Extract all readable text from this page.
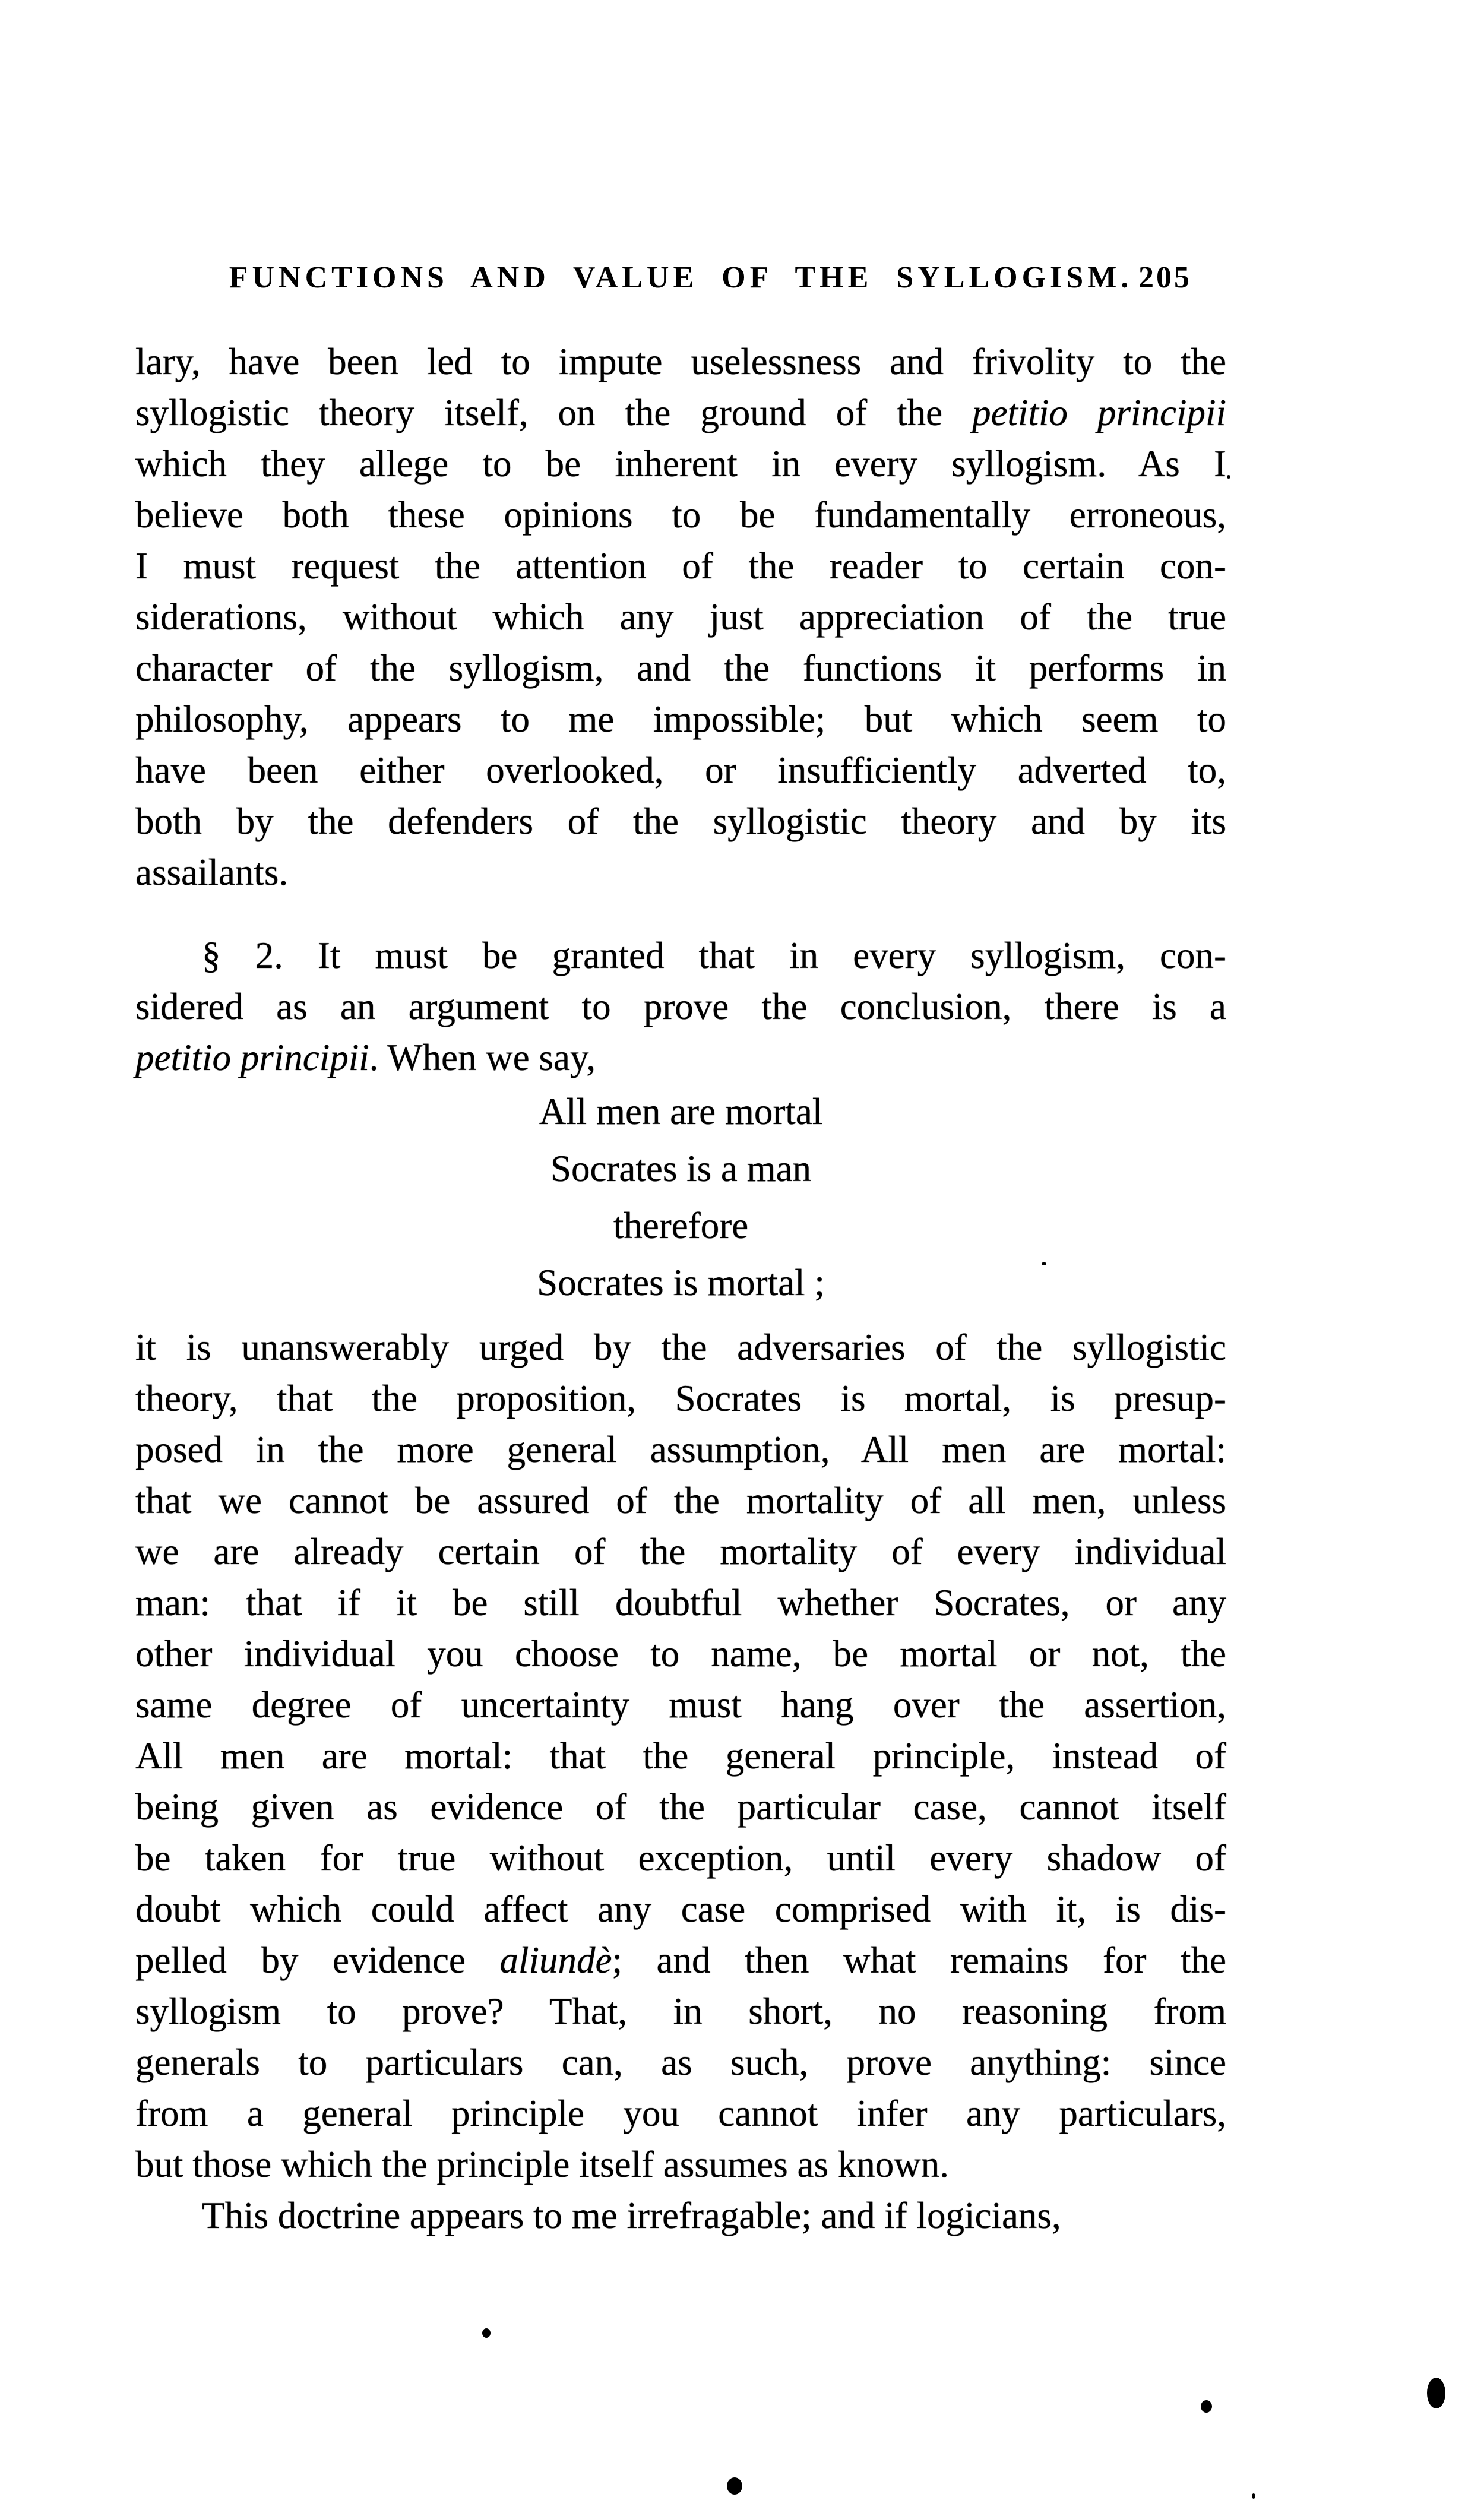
FUNCTIONS AND VALUE OF THE SYLLOGISM. 205
lary, have been led to impute uselessness and frivolity to the
syllogistic theory itself, on the ground of the petitio principii
which they allege to be inherent in every syllogism. As I
believe both these opinions to be fundamentally erroneous,
I must request the attention of the reader to certain con-
siderations, without which any just appreciation of the true
character of the syllogism, and the functions it performs in
philosophy, appears to me impossible; but which seem to
have been either overlooked, or insufficiently adverted to,
both by the defenders of the syllogistic theory and by its
assailants.
§ 2. It must be granted that in every syllogism, con-
sidered as an argument to prove the conclusion, there is a
petitio principii. When we say,
All men are mortal
Socrates is a man
therefore
Socrates is mortal ;
it is unanswerably urged by the adversaries of the syllogistic
theory, that the proposition, Socrates is mortal, is presup-
posed in the more general assumption, All men are mortal:
that we cannot be assured of the mortality of all men, unless
we are already certain of the mortality of every individual
man: that if it be still doubtful whether Socrates, or any
other individual you choose to name, be mortal or not, the
same degree of uncertainty must hang over the assertion,
All men are mortal: that the general principle, instead of
being given as evidence of the particular case, cannot itself
be taken for true without exception, until every shadow of
doubt which could affect any case comprised with it, is dis-
pelled by evidence aliundè; and then what remains for the
syllogism to prove? That, in short, no reasoning from
generals to particulars can, as such, prove anything: since
from a general principle you cannot infer any particulars,
but those which the principle itself assumes as known.
This doctrine appears to me irrefragable; and if logicians,
